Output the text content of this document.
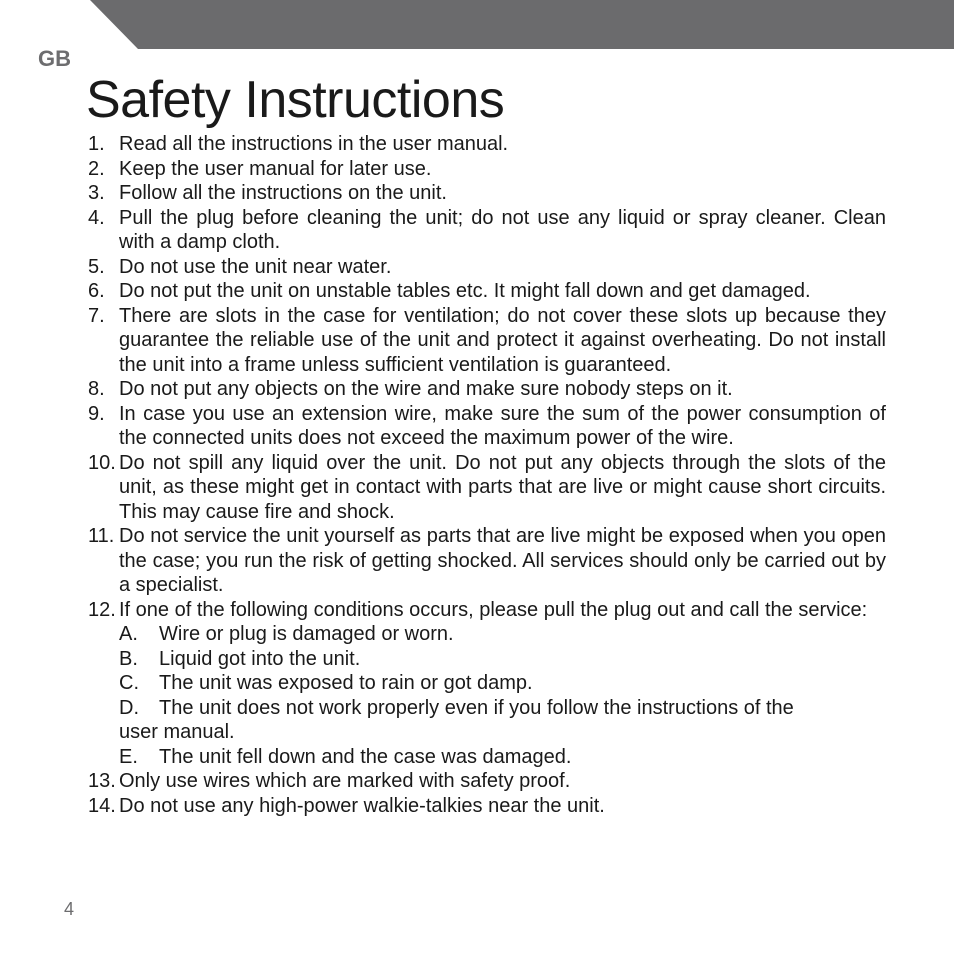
GB
Safety Instructions
1. Read all the instructions in the user manual.
2. Keep the user manual for later use.
3. Follow all the instructions on the unit.
4. Pull the plug before cleaning the unit; do not use any liquid or spray cleaner. Clean with a damp cloth.
5. Do not use the unit near water.
6. Do not put the unit on unstable tables etc. It might fall down and get damaged.
7. There are slots in the case for ventilation; do not cover these slots up because they guarantee the reliable use of the unit and protect it against overheating. Do not install the unit into a frame unless sufficient ventilation is guaranteed.
8. Do not put any objects on the wire and make sure nobody steps on it.
9. In case you use an extension wire, make sure the sum of the power consumption of the connected units does not exceed the maximum power of the wire.
10. Do not spill any liquid over the unit. Do not put any objects through the slots of the unit, as these might get in contact with parts that are live or might cause short circuits. This may cause fire and shock.
11. Do not service the unit yourself as parts that are live might be exposed when you open the case; you run the risk of getting shocked. All services should only be carried out by a specialist.
12. If one of the following conditions occurs, please pull the plug out and call the service:
A.	Wire or plug is damaged or worn.
B.	Liquid got into the unit.
C.	The unit was exposed to rain or got damp.
D.	The unit does not work properly even if you follow the instructions of the
user manual.
E.	The unit fell down and the case was damaged.
13. Only use wires which are marked with safety proof.
14. Do not use any high-power walkie-talkies near the unit.
4
